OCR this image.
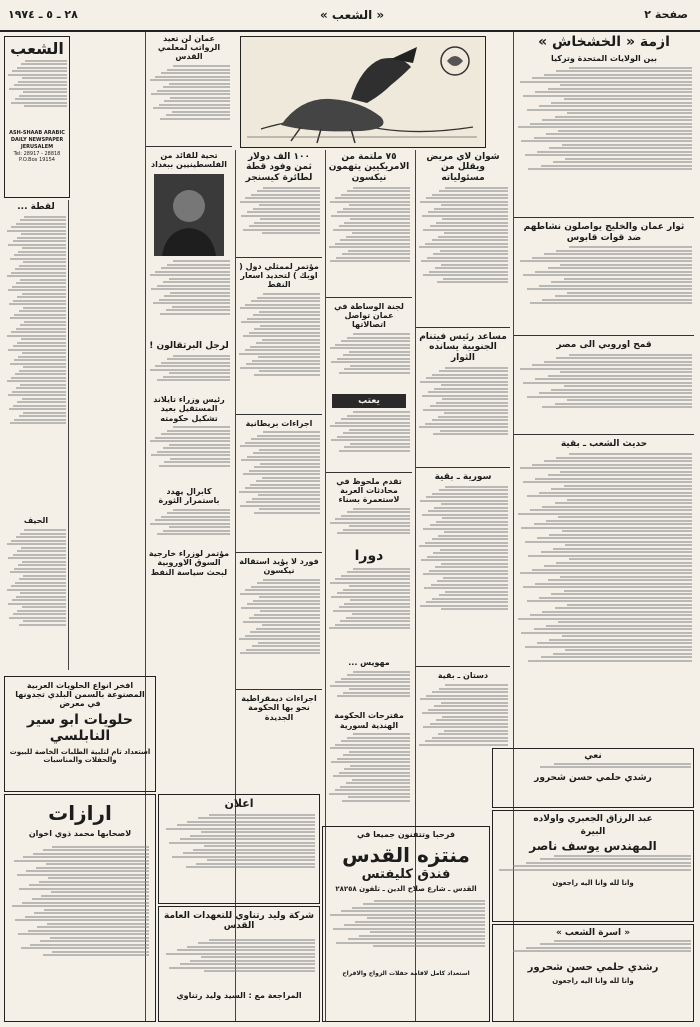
صفحة ٢
« الشعب »
٢٨ ـ ٥ ـ ١٩٧٤
ازمة « الخشخاش »
بين الولايات المتحدة وتركيا
ثوار عمان والخليج يواصلون نشاطهم ضد قوات قابوس
قمح اوروبي الى مصر
حديث الشعب ـ بقية
شوان لاي مريض ويقلل من مسئولياته
مساعد رئيس فيتنام الجنوبية يسانده الثوار
سورية ـ بقية
دستان ـ بقية
٧٥ ملتمة من الامريكيين يتهمون نيكسون
لجنة الوساطة في عمان تواصل اتصالاتها
يعتب
تقدم ملحوظ في محادثات العربة لاستعمرة بسناء
دورا
مهويس ...
مقترحات الحكومة الهندية لسورية
١٠٠ الف دولار ثمن وفود قطة لطائرة كيسنجر
مؤتمر لممثلي دول ( اوبك ) لتحديد اسعار النفط
اجراءات بريطانية
فورد لا يؤيد استقالة نيكسون
اجراءات ديمقراطية نحو بها الحكومة الجديدة
عمان لن تعيد الرواتب لمعلمي القدس
تحية للقائد من الفلسطينيين ببغداد
لرجل البرتقالون !
رئيس وزراء تايلاند المستقيل بعيد تشكيل حكومته
كابرال يهدد باستمرار الثورة
مؤتمر لوزراء خارجية السوق الاوروبية لبحث سياسة النفط
الشعب
ASH-SHAAB ARABIC DAILY NEWSPAPER JERUSALEM
Tel: 28917 - 28818
P.O.Box 19154
لقطة ...
الحيف
افخر انواع الحلويات العربية المصنوعة بالسمن البلدي تجدونها في معرض
حلويات ابو سير النابلسي
استعداد تام لتلبية الطلبات الخاصة للبيوت والحفلات والمناسبات
ارازات
لاصحابها محمد ذوي اخوان
اعلان
شركة وليد رتناوي للتعهدات العامة القدس
المراجعة مع : السيد وليد رتناوي
فرحبا وتتفنون جميعا في
منتزه القدس
فندق كليفتس
القدس ـ شارع صلاح الدين ـ تلفون ٢٨٢٥٨
استعداد كامل لاقامة حفلات الزواج والافراح
نعي
رشدي حلمي حسن شحرور
عبد الرزاق الجعبري واولاده
البيرة
المهندس يوسف ناصر
وانا لله وانا اليه راجعون
« اسرة الشعب »
رشدي حلمي حسن شحرور
وانا لله وانا اليه راجعون
